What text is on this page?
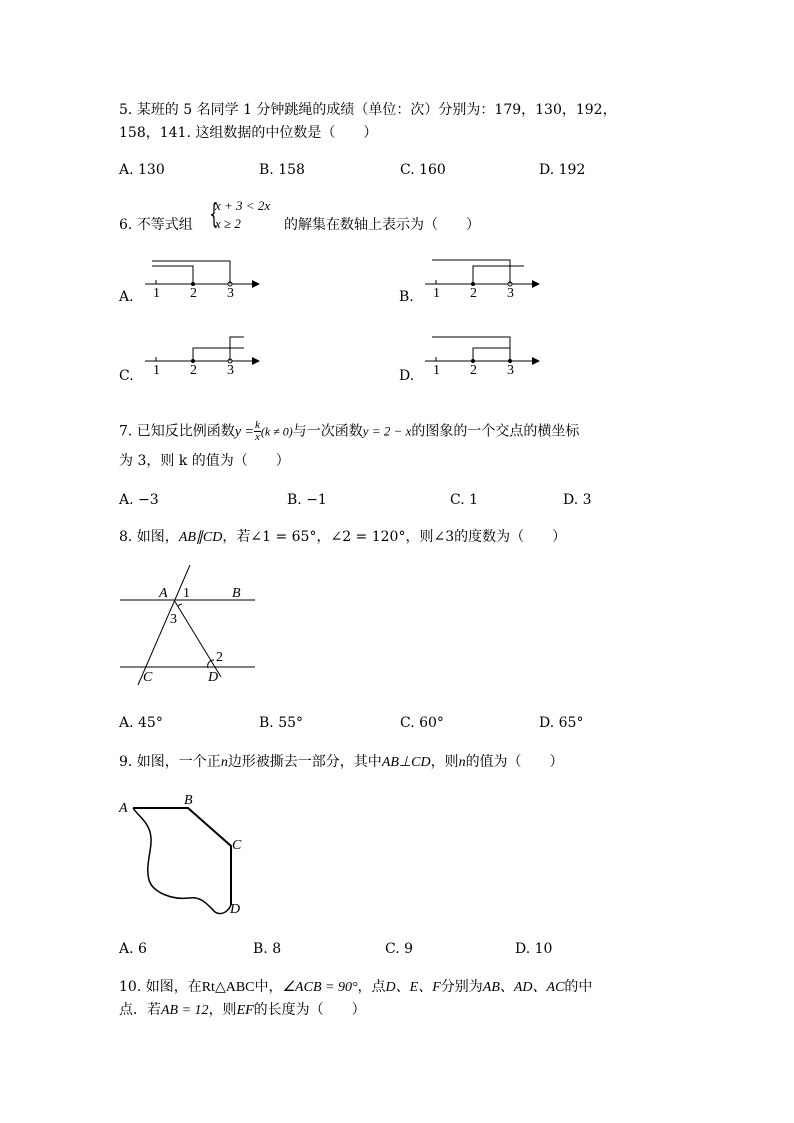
5. 某班的 5 名同学 1 分钟跳绳的成绩（单位：次）分别为：179，130，192，
158，141. 这组数据的中位数是（　　）
A. 130	B. 158	C. 160	D. 192
6. 不等式组 {
x + 3 < 2x
x ≥ 2	的解集在数轴上表示为（　　）
1 2 3
A.	1 2 3
B.
1 2 3
C.	1 2 3
D.
7. 已知反比例函数$y = \frac{k}{x} (k \ne 0)$与一次函数y = 2 − x的图象的一个交点的横坐标
为 3，则 k 的值为（　　）
A. −3	B. −1	C. 1	D. 3
8. 如图，AB∥CD，若∠1 = 65°，∠2 = 120°，则∠3的度数为（　　）
A 1	B
3
2
C	D
A. 45°	B. 55°	C. 60°	D. 65°
9. 如图，一个正n边形被撕去一部分，其中AB⊥CD，则n的值为（　　）
A
B
C
D
A. 6	B. 8	C. 9	D. 10
10. 如图，在Rt△ABC中，∠ACB = 90°，点D、E、F分别为AB、AD、AC的中
点．若AB = 12，则EF的长度为（　　）
